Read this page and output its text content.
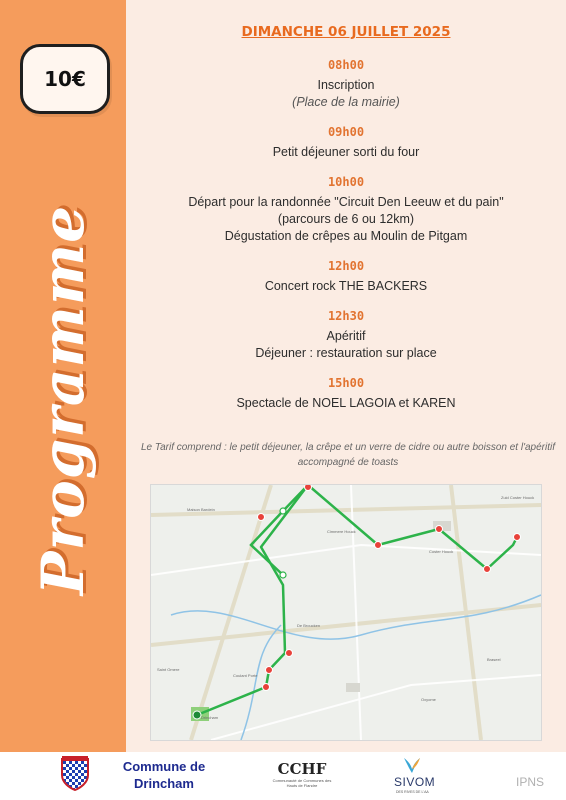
10€
Programme
DIMANCHE 06 JUILLET 2025
08h00
Inscription
(Place de la mairie)
09h00
Petit déjeuner sorti du four
10h00
Départ pour la randonnée "Circuit Den Leeuw et du pain"
(parcours de 6 ou 12km)
Dégustation de crêpes au Moulin de Pitgam
12h00
Concert rock THE BACKERS
12h30
Apéritif
Déjeuner : restauration sur place
15h00
Spectacle de NOEL LAGOIA et KAREN
Le Tarif comprend : le petit déjeuner, la crêpe et un verre de cidre ou autre boisson et l'apéritif accompagné de toasts
Maison Bardein
Drincham
Cimmere Houck
Zuid Coster Houck
Coster Houck
De Broucken
Saint Omere
Coulant Porte
Oxyome
Braseel
Commune de
Drincham
CCHF
Communauté de Communes des Hauts de Flandre	SIVOM
DES RIVES DE L'AA
IPNS
